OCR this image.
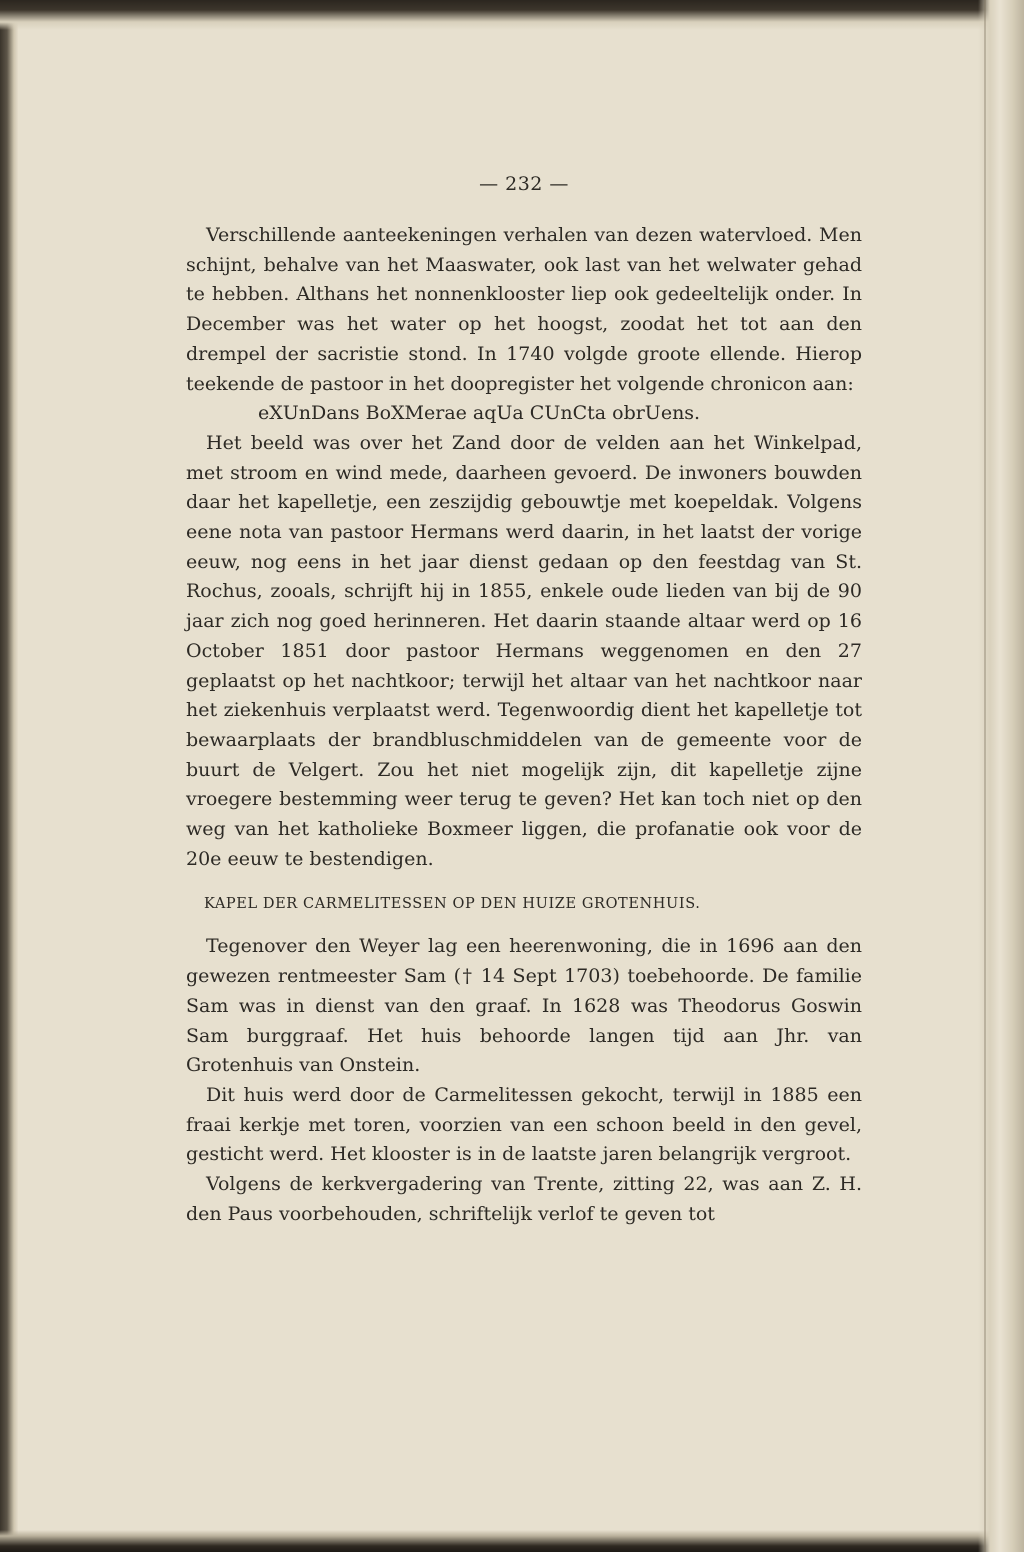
— 232 —

Verschillende aanteekeningen verhalen van dezen watervloed. Men schijnt, behalve van het Maaswater, ook last van het welwater gehad te hebben. Althans het nonnenklooster liep ook gedeeltelijk onder. In December was het water op het hoogst, zoodat het tot aan den drempel der sacristie stond. In 1740 volgde groote ellende. Hierop teekende de pastoor in het doopregister het volgende chronicon aan:

eXUnDans BoXMerae aqUa CUnCta obrUens.

Het beeld was over het Zand door de velden aan het Winkelpad, met stroom en wind mede, daarheen gevoerd. De inwoners bouwden daar het kapelletje, een zeszijdig gebouwtje met koepeldak. Volgens eene nota van pastoor Hermans werd daarin, in het laatst der vorige eeuw, nog eens in het jaar dienst gedaan op den feestdag van St. Rochus, zooals, schrijft hij in 1855, enkele oude lieden van bij de 90 jaar zich nog goed herinneren. Het daarin staande altaar werd op 16 October 1851 door pastoor Hermans weggenomen en den 27 geplaatst op het nachtkoor; terwijl het altaar van het nachtkoor naar het ziekenhuis verplaatst werd. Tegenwoordig dient het kapelletje tot bewaarplaats der brandbluschmiddelen van de gemeente voor de buurt de Velgert. Zou het niet mogelijk zijn, dit kapelletje zijne vroegere bestemming weer terug te geven? Het kan toch niet op den weg van het katholieke Boxmeer liggen, die profanatie ook voor de 20e eeuw te bestendigen.

KAPEL DER CARMELITESSEN OP DEN HUIZE GROTENHUIS.

Tegenover den Weyer lag een heerenwoning, die in 1696 aan den gewezen rentmeester Sam († 14 Sept 1703) toebehoorde. De familie Sam was in dienst van den graaf. In 1628 was Theodorus Goswin Sam burggraaf. Het huis behoorde langen tijd aan Jhr. van Grotenhuis van Onstein.

Dit huis werd door de Carmelitessen gekocht, terwijl in 1885 een fraai kerkje met toren, voorzien van een schoon beeld in den gevel, gesticht werd. Het klooster is in de laatste jaren belangrijk vergroot.

Volgens de kerkvergadering van Trente, zitting 22, was aan Z. H. den Paus voorbehouden, schriftelijk verlof te geven tot
